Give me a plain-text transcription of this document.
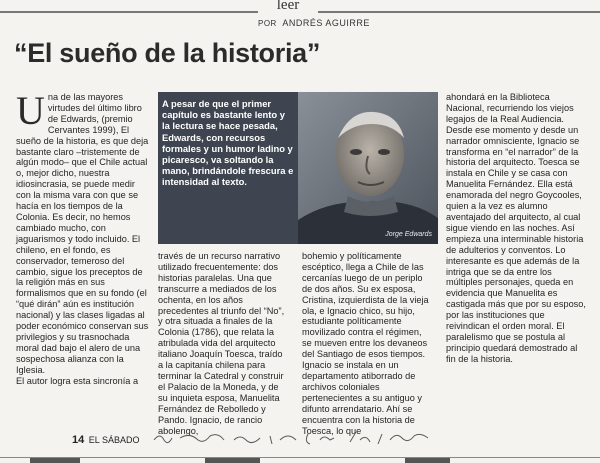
leer
POR ANDRÉS AGUIRRE
“El sueño de la historia”
U na de las mayores virtudes del último libro de Edwards, (premio Cervantes 1999), El sueño de la historia, es que deja bastante claro –tristemente de algún modo– que el Chile actual o, mejor dicho, nuestra idiosincrasia, se puede medir con la misma vara con que se hacía en los tiempos de la Colonia. Es decir, no hemos cambiado mucho, con jaguarismos y todo incluido. El chileno, en el fondo, es conservador, temeroso del cambio, sigue los preceptos de la religión más en sus formalismos que en su fondo (el “qué dirán” aún es institución nacional) y las clases ligadas al poder económico conservan sus privilegios y su trasnochada moral dad bajo el alero de una sospechosa alianza con la Iglesia.

El autor logra esta sincronía a

A pesar de que el primer capítulo es bastante lento y la lectura se hace pesada, Edwards, con recursos formales y un humor ladino y picaresco, va soltando la mano, brindándole frescura e intensidad al texto.

Jorge Edwards

través de un recurso narrativo utilizado frecuentemente: dos historias paralelas. Una que transcurre a mediados de los ochenta, en los años precedentes al triunfo del “No”, y otra situada a finales de la Colonia (1786), que relata la atribulada vida del arquitecto italiano Joaquín Toesca, traído a la capitanía chilena para terminar la Catedral y construir el Palacio de la Moneda, y de su inquieta esposa, Manuelita Fernández de Rebolledo y Pando. Ignacio, de rancio abolengo,

bohemio y políticamente escéptico, llega a Chile de las cercanías luego de un periplo de dos años. Su ex esposa, Cristina, izquierdista de la vieja ola, e Ignacio chico, su hijo, estudiante políticamente movilizado contra el régimen, se mueven entre los devaneos del Santiago de esos tiempos. Ignacio se instala en un departamento atiborrado de archivos coloniales pertenecientes a su antiguo y difunto arrendatario. Ahí se encuentra con la historia de Toesca, lo que

ahondará en la Biblioteca Nacional, recurriendo los viejos legajos de la Real Audiencia. Desde ese momento y desde un narrador omnisciente, Ignacio se transforma en “el narrador” de la historia del arquitecto. Toesca se instala en Chile y se casa con Manuelita Fernández. Ella está enamorada del negro Goycooles, quien a la vez es alumno aventajado del arquitecto, al cual sigue viendo en las noches. Así empieza una interminable historia de adulterios y conventos. Lo interesante es que además de la intriga que se da entre los múltiples personajes, queda en evidencia que Manuelita es castigada más que por su esposo, por las instituciones que reivindican el orden moral. El paralelismo que se postula al principio quedará demostrado al fin de la historia.

14 EL SÁBADO
